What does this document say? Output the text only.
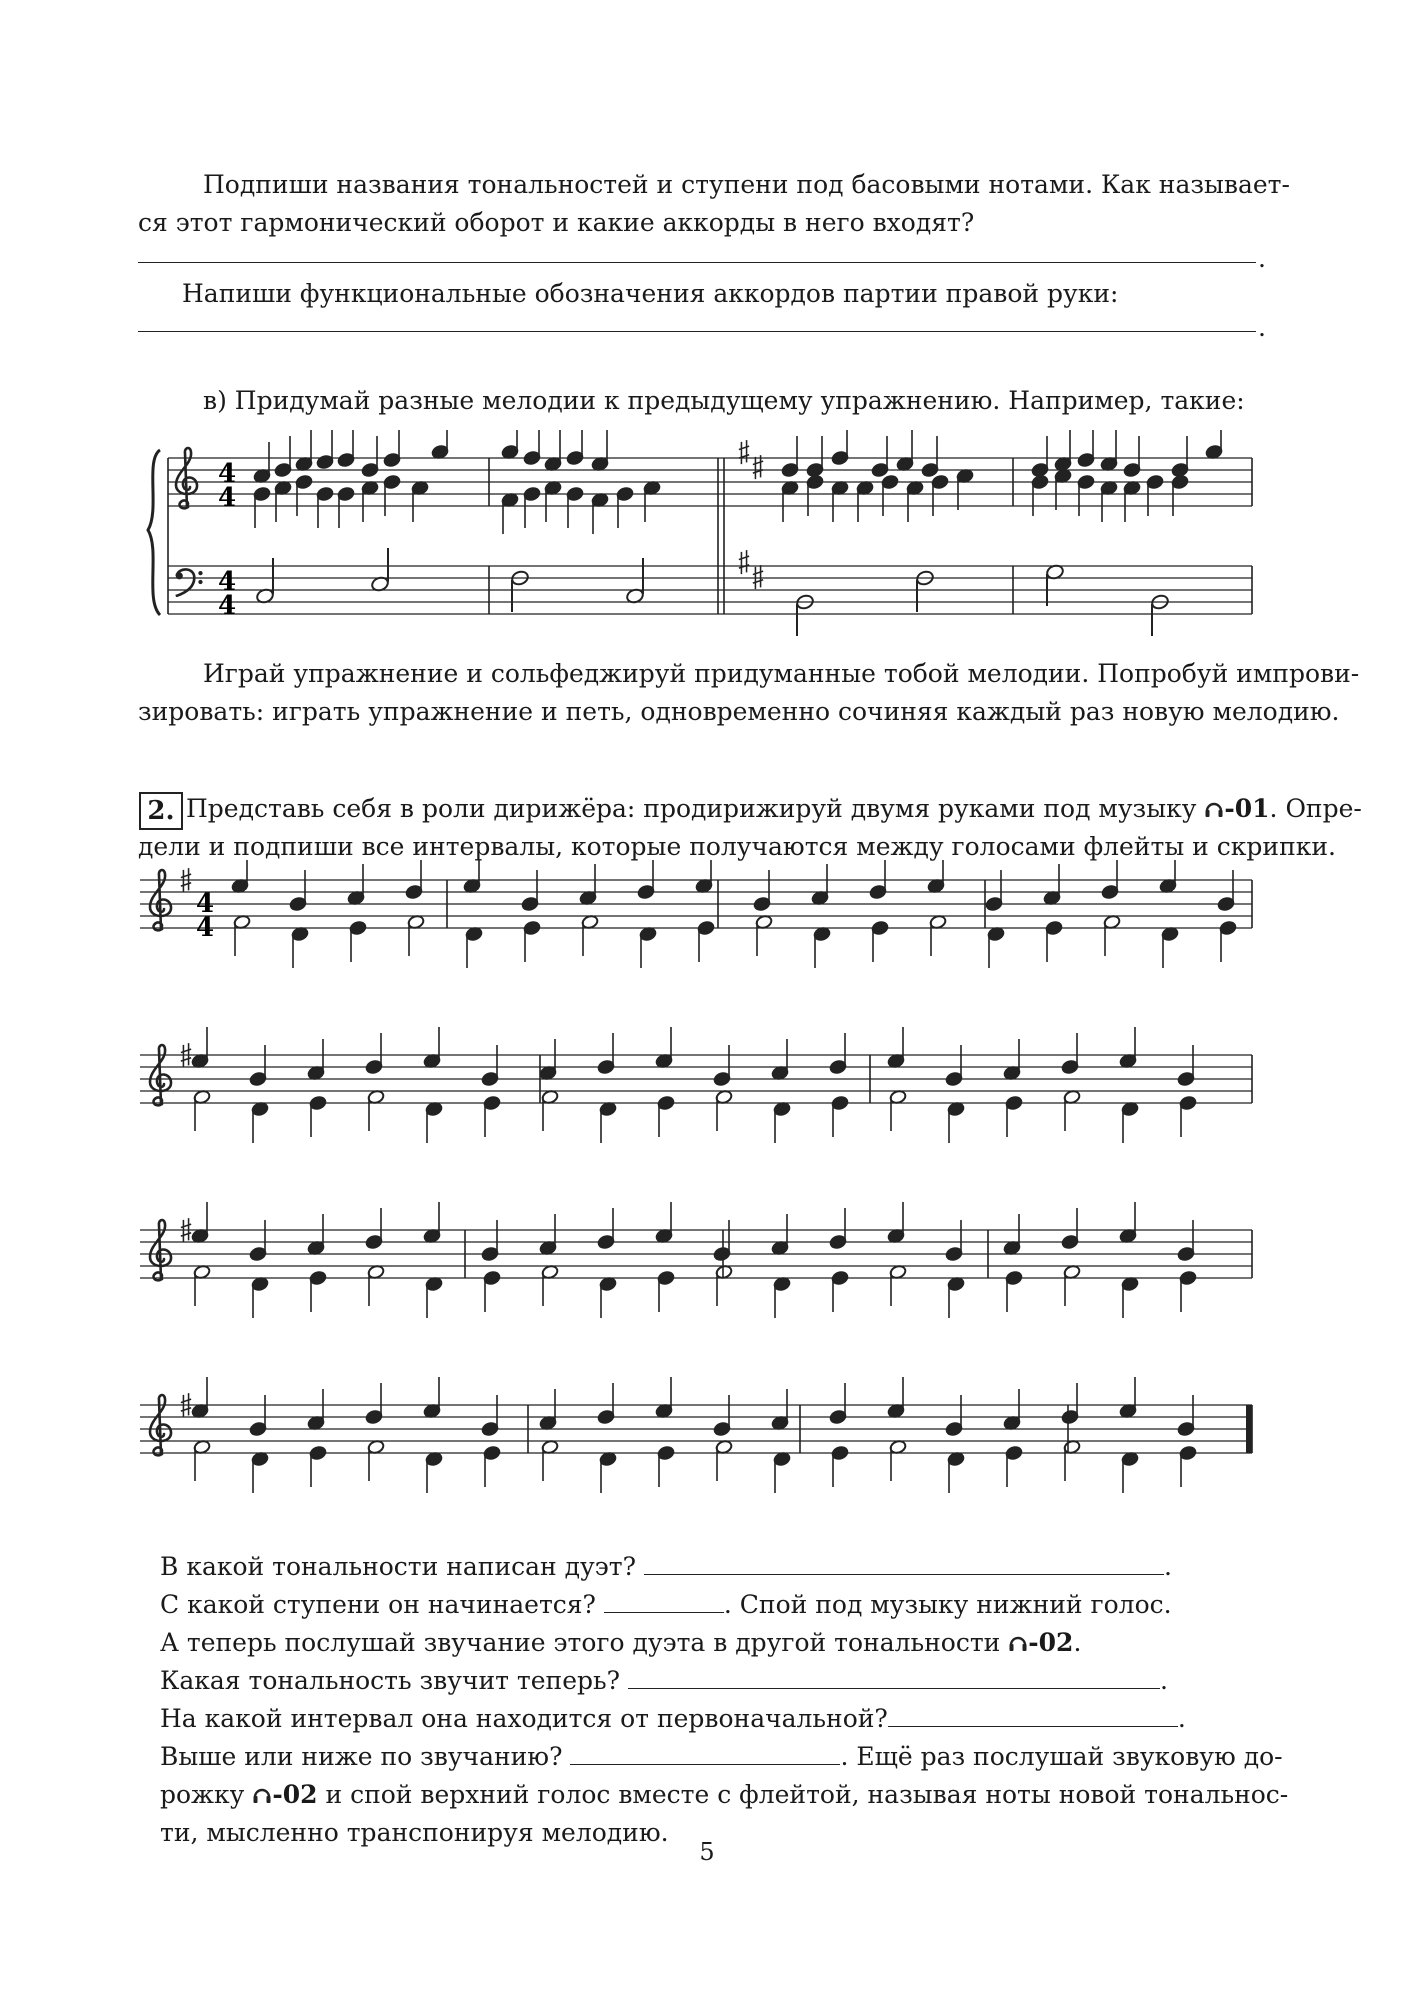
Подпиши названия тональностей и ступени под басовыми нотами. Как называет-
ся этот гармонический оборот и какие аккорды в него входят?
.
Напиши функциональные обозначения аккордов партии правой руки:
.
в) Придумай разные мелодии к предыдущему упражнению. Например, такие:
4
4
4
4
Играй упражнение и сольфеджируй придуманные тобой мелодии. Попробуй импрови-
зировать: играть упражнение и петь, одновременно сочиняя каждый раз новую мелодию.
2. Представь себя в роли дирижёра: продирижируй двумя руками под музыку -01. Опре-
дели и подпиши все интервалы, которые получаются между голосами флейты и скрипки.
4
4
В какой тональности написан дуэт?	.
С какой ступени он начинается?	. Спой под музыку нижний голос.
А теперь послушай звучание этого дуэта в другой тональности -02.
Какая тональность звучит теперь?	.
На какой интервал она находится от первоначальной?	.
Выше или ниже по звучанию?	. Ещё раз послушай звуковую до-
рожку -02 и спой верхний голос вместе с флейтой, называя ноты новой тональнос-
ти, мысленно транспонируя мелодию.
5
